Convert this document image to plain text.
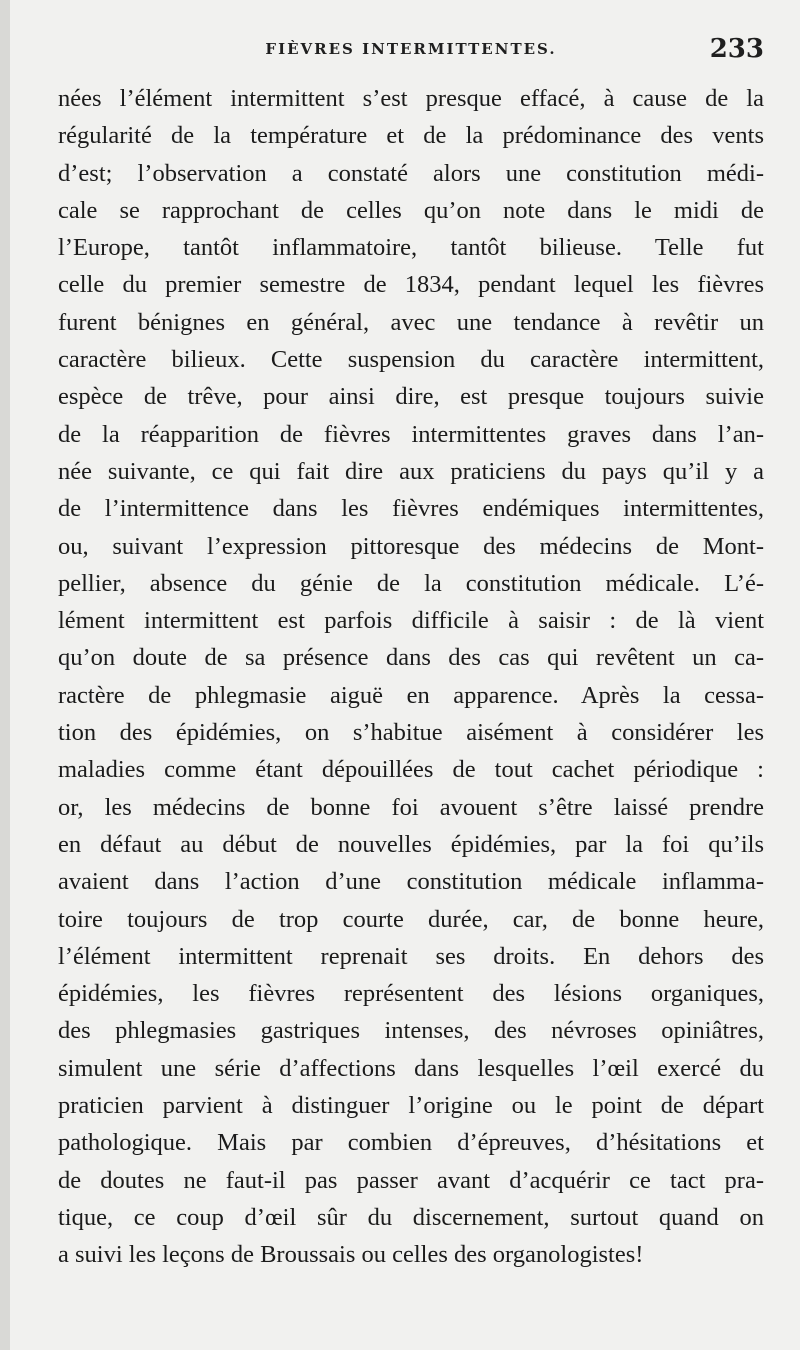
FIÈVRES INTERMITTENTES.	233
nées l’élément intermittent s’est presque effacé, à cause de la
régularité de la température et de la prédominance des vents
d’est; l’observation a constaté alors une constitution médi-
cale se rapprochant de celles qu’on note dans le midi de
l’Europe, tantôt inflammatoire, tantôt bilieuse. Telle fut
celle du premier semestre de 1834, pendant lequel les fièvres
furent bénignes en général, avec une tendance à revêtir un
caractère bilieux. Cette suspension du caractère intermittent,
espèce de trêve, pour ainsi dire, est presque toujours suivie
de la réapparition de fièvres intermittentes graves dans l’an-
née suivante, ce qui fait dire aux praticiens du pays qu’il y a
de l’intermittence dans les fièvres endémiques intermittentes,
ou, suivant l’expression pittoresque des médecins de Mont-
pellier, absence du génie de la constitution médicale. L’é-
lément intermittent est parfois difficile à saisir : de là vient
qu’on doute de sa présence dans des cas qui revêtent un ca-
ractère de phlegmasie aiguë en apparence. Après la cessa-
tion des épidémies, on s’habitue aisément à considérer les
maladies comme étant dépouillées de tout cachet périodique :
or, les médecins de bonne foi avouent s’être laissé prendre
en défaut au début de nouvelles épidémies, par la foi qu’ils
avaient dans l’action d’une constitution médicale inflamma-
toire toujours de trop courte durée, car, de bonne heure,
l’élément intermittent reprenait ses droits. En dehors des
épidémies, les fièvres représentent des lésions organiques,
des phlegmasies gastriques intenses, des névroses opiniâtres,
simulent une série d’affections dans lesquelles l’œil exercé du
praticien parvient à distinguer l’origine ou le point de départ
pathologique. Mais par combien d’épreuves, d’hésitations et
de doutes ne faut-il pas passer avant d’acquérir ce tact pra-
tique, ce coup d’œil sûr du discernement, surtout quand on
a suivi les leçons de Broussais ou celles des organologistes!
